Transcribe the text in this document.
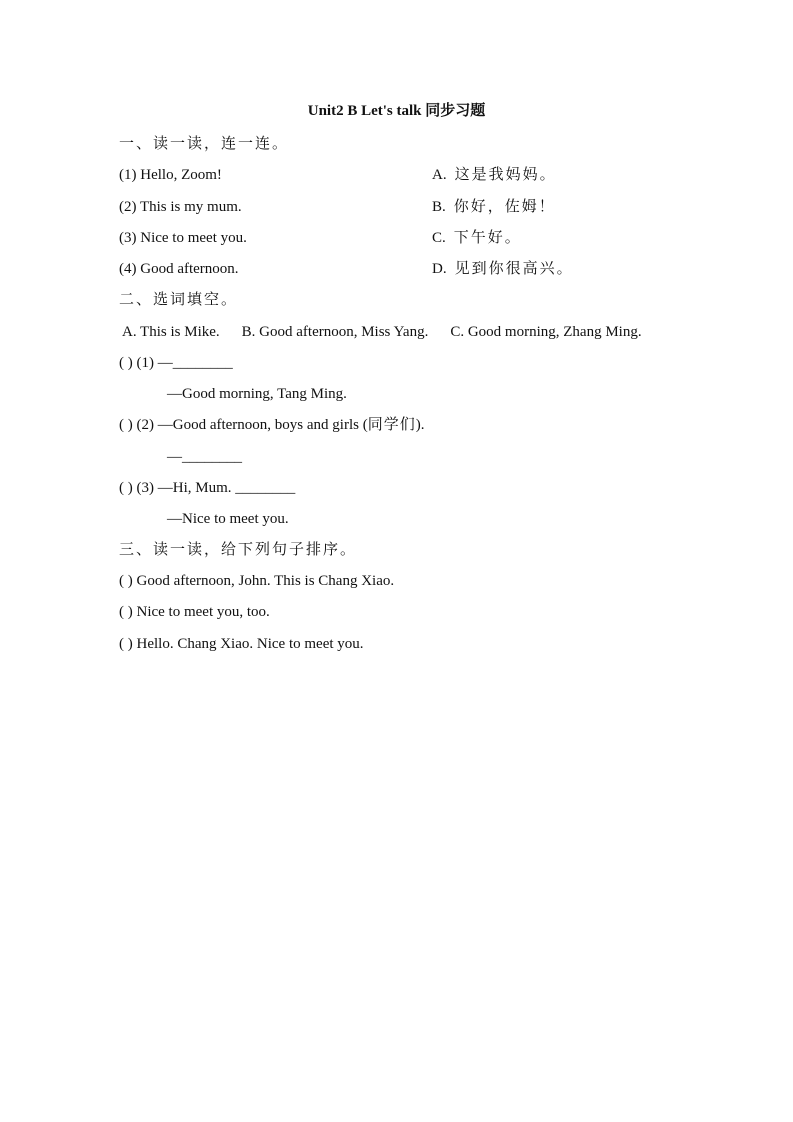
Unit2 B Let's talk 同步习题
一、读一读，连一连。
(1) Hello, Zoom!
(2) This is my mum.
(3) Nice to meet you.
(4) Good afternoon.
A. 这是我妈妈。
B. 你好，佐姆！
C. 下午好。
D. 见到你很高兴。
二、选词填空。
A. This is Mike. B. Good afternoon, Miss Yang. C. Good morning, Zhang Ming.
( ) (1) —________
—Good morning, Tang Ming.
( ) (2) —Good afternoon, boys and girls (同学们).
—________
( ) (3) —Hi, Mum. ________
—Nice to meet you.
三、读一读，给下列句子排序。
( ) Good afternoon, John. This is Chang Xiao.
( ) Nice to meet you, too.
( ) Hello. Chang Xiao. Nice to meet you.
